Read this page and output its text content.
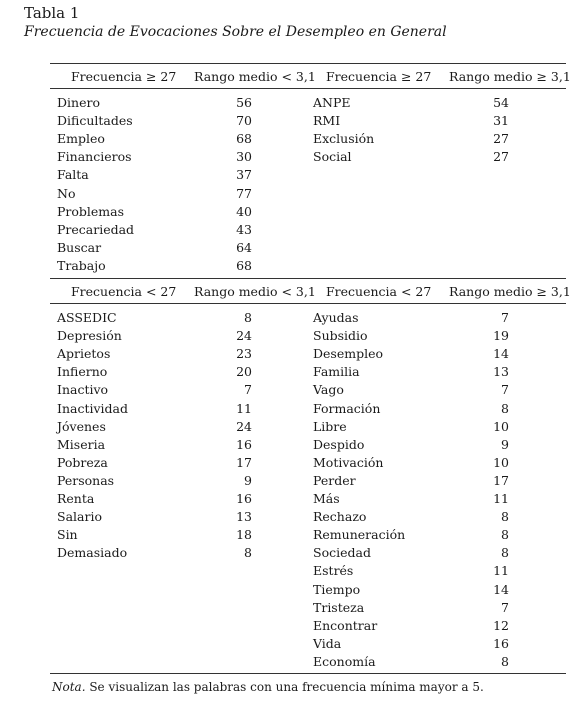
Tabla 1
Frecuencia de Evocaciones Sobre el Desempleo en General
Frecuencia ≥ 27 Rango medio < 3,1 Frecuencia ≥ 27 Rango medio ≥ 3,1
Dinero	56
Dificultades	70
Empleo	68
Financieros	30
Falta	37
No	77
Problemas	40
Precariedad	43
Buscar	64
Trabajo	68
ANPE	54
RMI	31
Exclusión	27
Social	27
Frecuencia < 27 Rango medio < 3,1 Frecuencia < 27 Rango medio ≥ 3,1
ASSEDIC	8
Depresión	24
Aprietos	23
Infierno	20
Inactivo	7
Inactividad	11
Jóvenes	24
Miseria	16
Pobreza	17
Personas	9
Renta	16
Salario	13
Sin	18
Demasiado	8
Ayudas	7
Subsidio	19
Desempleo	14
Familia	13
Vago	7
Formación	8
Libre	10
Despido	9
Motivación	10
Perder	17
Más	11
Rechazo	8
Remuneración	8
Sociedad	8
Estrés	11
Tiempo	14
Tristeza	7
Encontrar	12
Vida	16
Economía	8
Nota. Se visualizan las palabras con una frecuencia mínima mayor a 5.
